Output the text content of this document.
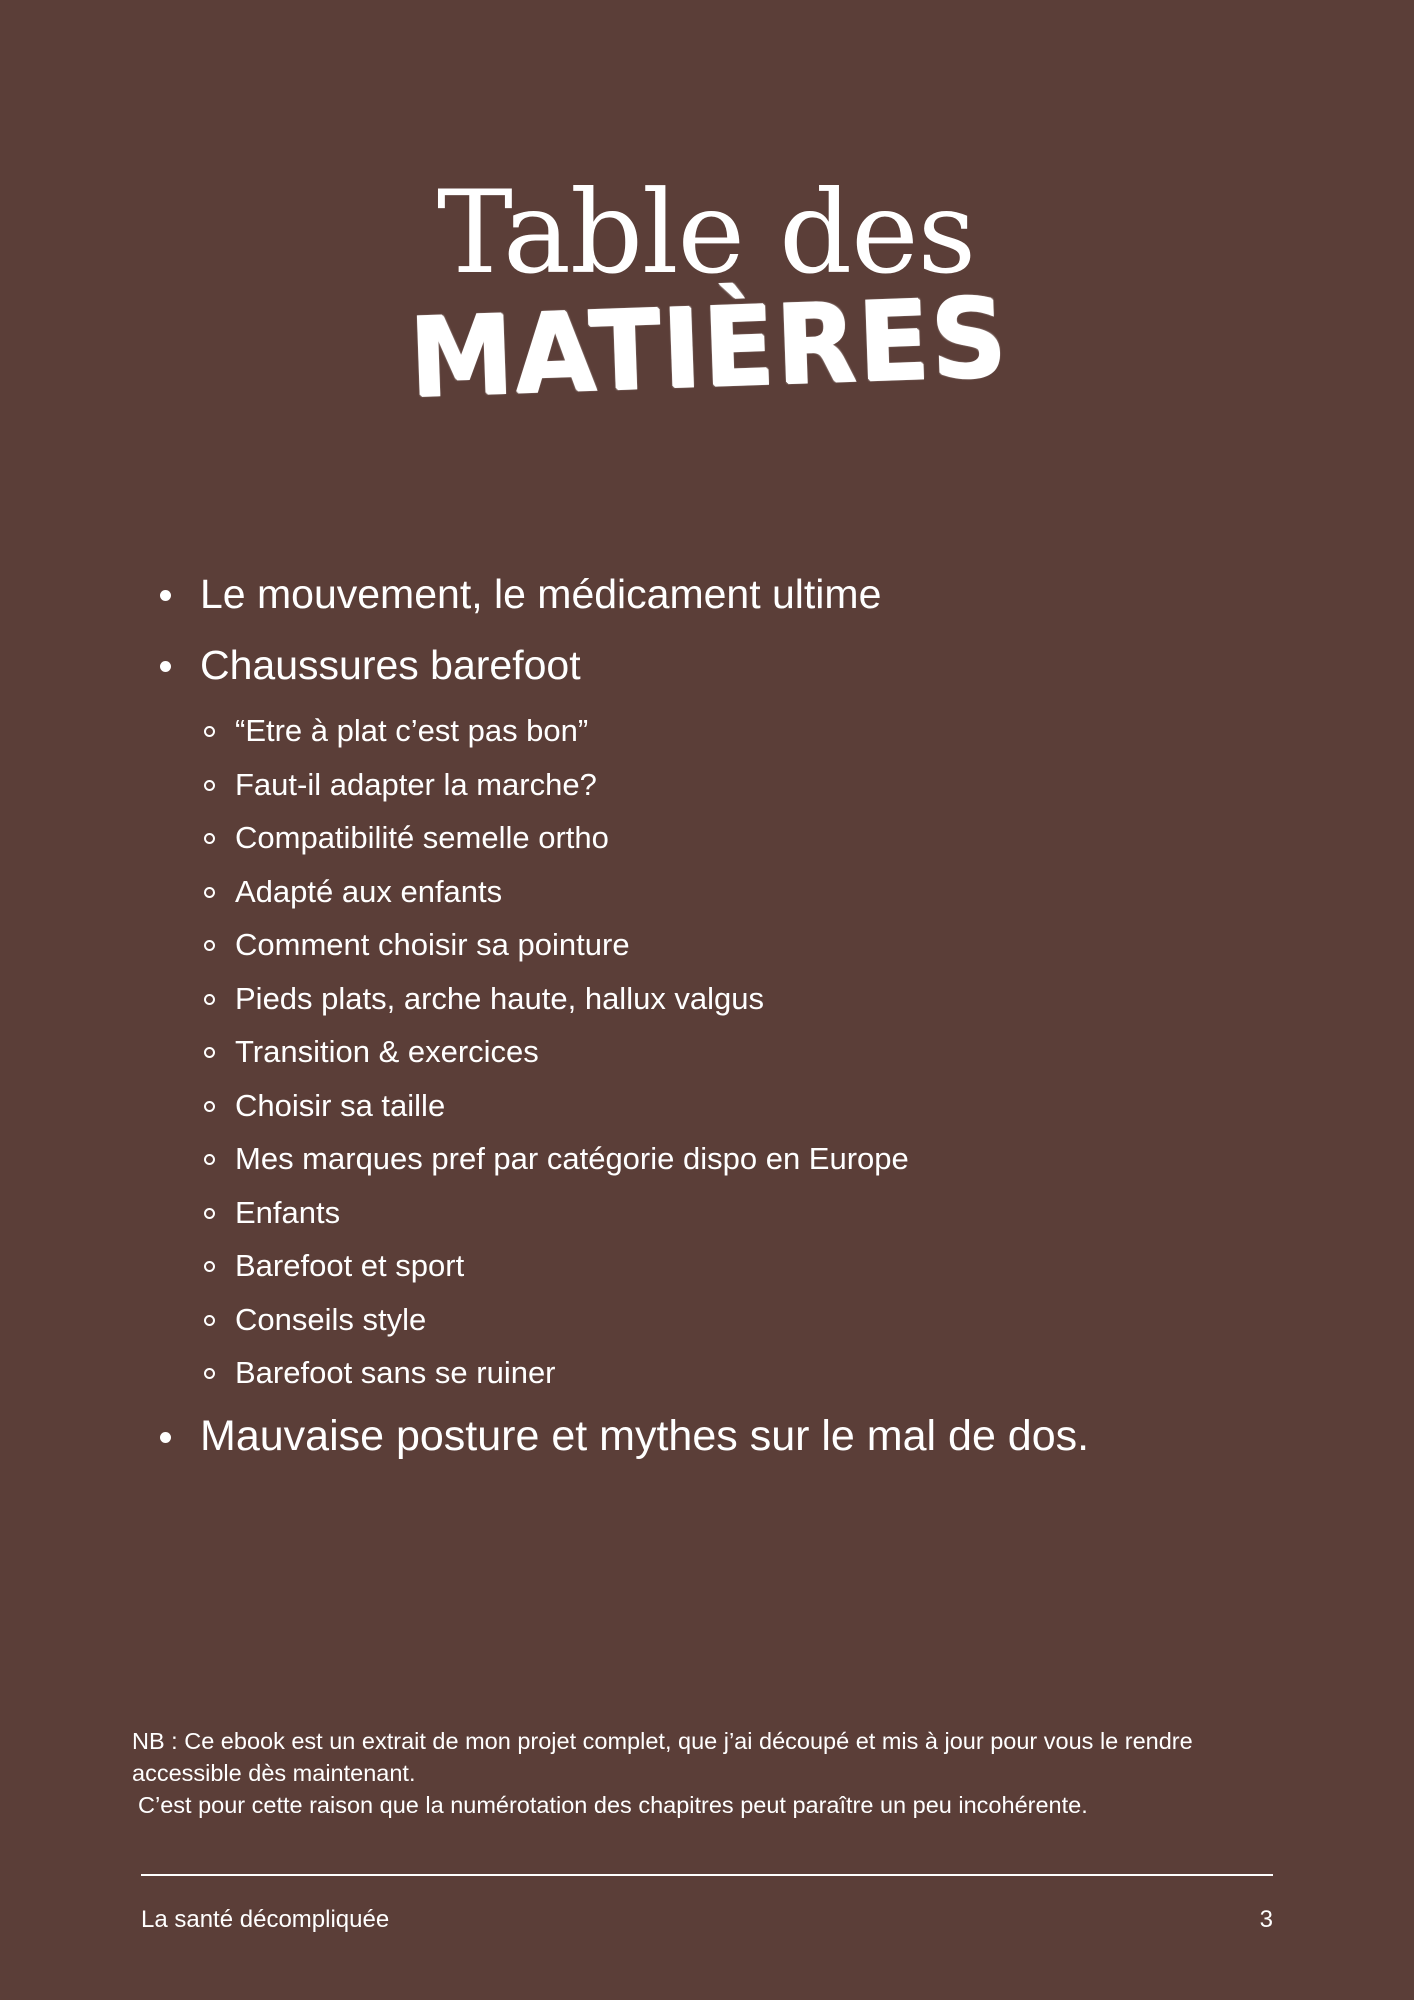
Table des
MATIÈRES
Le mouvement, le médicament ultime
Chaussures barefoot
“Etre à plat c’est pas bon”
Faut-il adapter la marche?
Compatibilité semelle ortho
Adapté aux enfants
Comment choisir sa pointure
Pieds plats, arche haute, hallux valgus
Transition & exercices
Choisir sa taille
Mes marques pref par catégorie dispo en Europe
Enfants
Barefoot et sport
Conseils style
Barefoot sans se ruiner
Mauvaise posture et mythes sur le mal de dos.

NB : Ce ebook est un extrait de mon projet complet, que j’ai découpé et mis à jour pour vous le rendre accessible dès maintenant.

C’est pour cette raison que la numérotation des chapitres peut paraître un peu incohérente.

La santé décompliquée	3
